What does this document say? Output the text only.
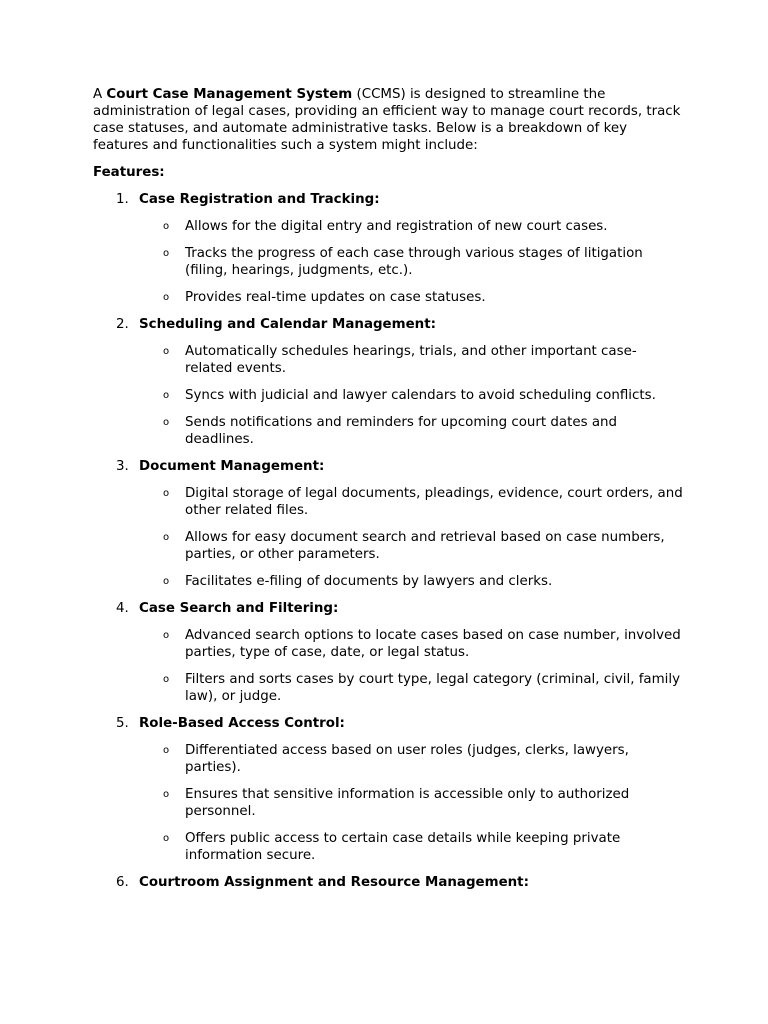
A Court Case Management System (CCMS) is designed to streamline the administration of legal cases, providing an efficient way to manage court records, track case statuses, and automate administrative tasks. Below is a breakdown of key features and functionalities such a system might include:

Features:
1. Case Registration and Tracking:
o Allows for the digital entry and registration of new court cases.
o Tracks the progress of each case through various stages of litigation (filing, hearings, judgments, etc.).
o Provides real-time updates on case statuses.
2. Scheduling and Calendar Management:
o Automatically schedules hearings, trials, and other important case-related events.
o Syncs with judicial and lawyer calendars to avoid scheduling conflicts.
o Sends notifications and reminders for upcoming court dates and deadlines.
3. Document Management:
o Digital storage of legal documents, pleadings, evidence, court orders, and other related files.
o Allows for easy document search and retrieval based on case numbers, parties, or other parameters.
o Facilitates e-filing of documents by lawyers and clerks.
4. Case Search and Filtering:
o Advanced search options to locate cases based on case number, involved parties, type of case, date, or legal status.
o Filters and sorts cases by court type, legal category (criminal, civil, family law), or judge.
5. Role-Based Access Control:
o Differentiated access based on user roles (judges, clerks, lawyers, parties).
o Ensures that sensitive information is accessible only to authorized personnel.
o Offers public access to certain case details while keeping private information secure.
6. Courtroom Assignment and Resource Management:
